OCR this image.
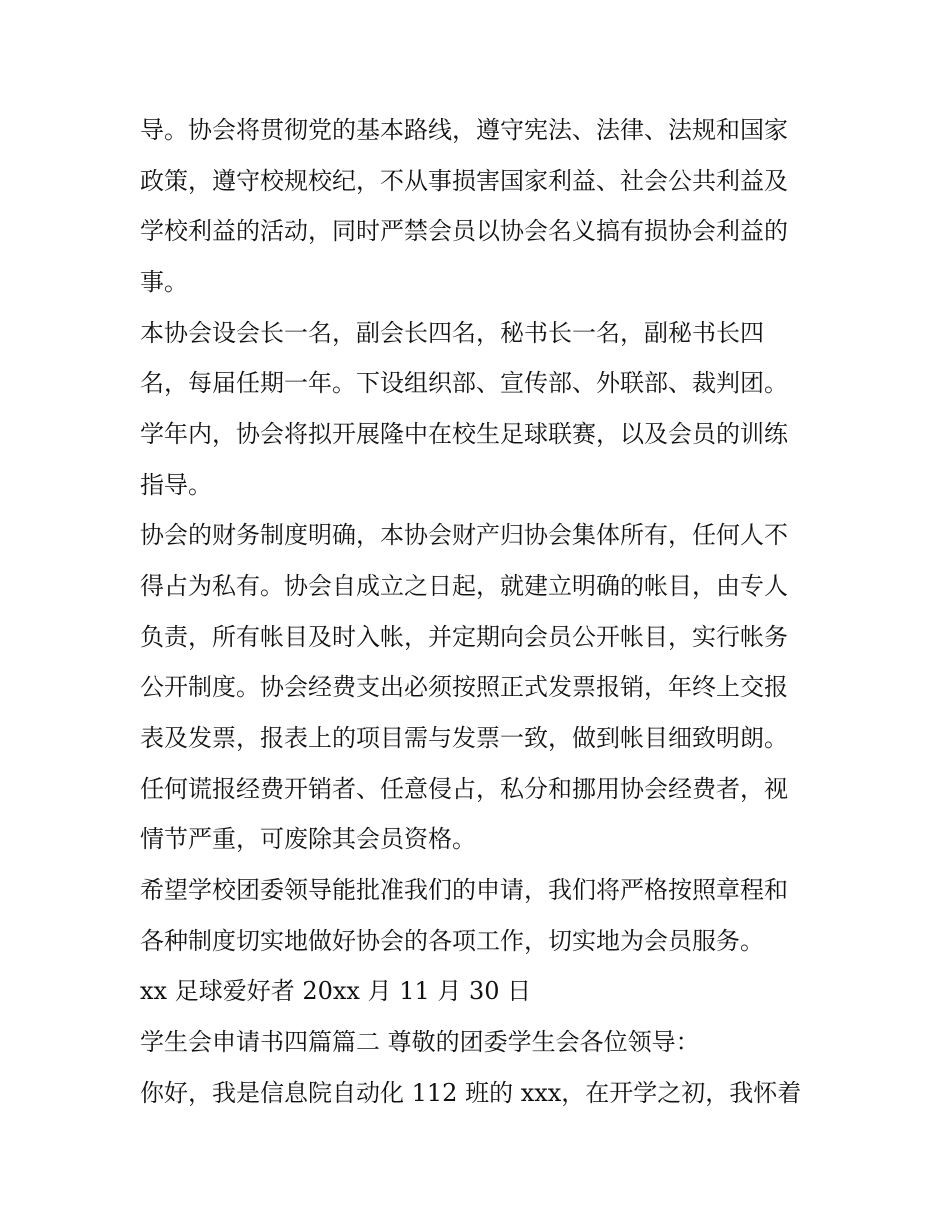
导。协会将贯彻党的基本路线，遵守宪法、法律、法规和国家
政策，遵守校规校纪，不从事损害国家利益、社会公共利益及
学校利益的活动，同时严禁会员以协会名义搞有损协会利益的
事。
本协会设会长一名，副会长四名，秘书长一名，副秘书长四
名，每届任期一年。下设组织部、宣传部、外联部、裁判团。
学年内，协会将拟开展隆中在校生足球联赛，以及会员的训练
指导。
协会的财务制度明确，本协会财产归协会集体所有，任何人不
得占为私有。协会自成立之日起，就建立明确的帐目，由专人
负责，所有帐目及时入帐，并定期向会员公开帐目，实行帐务
公开制度。协会经费支出必须按照正式发票报销，年终上交报
表及发票，报表上的项目需与发票一致，做到帐目细致明朗。
任何谎报经费开销者、任意侵占，私分和挪用协会经费者，视
情节严重，可废除其会员资格。
希望学校团委领导能批准我们的申请，我们将严格按照章程和
各种制度切实地做好协会的各项工作，切实地为会员服务。
xx 足球爱好者 20xx 月 11 月 30 日
学生会申请书四篇篇二 尊敬的团委学生会各位领导：
你好，我是信息院自动化 112 班的 xxx，在开学之初，我怀着
